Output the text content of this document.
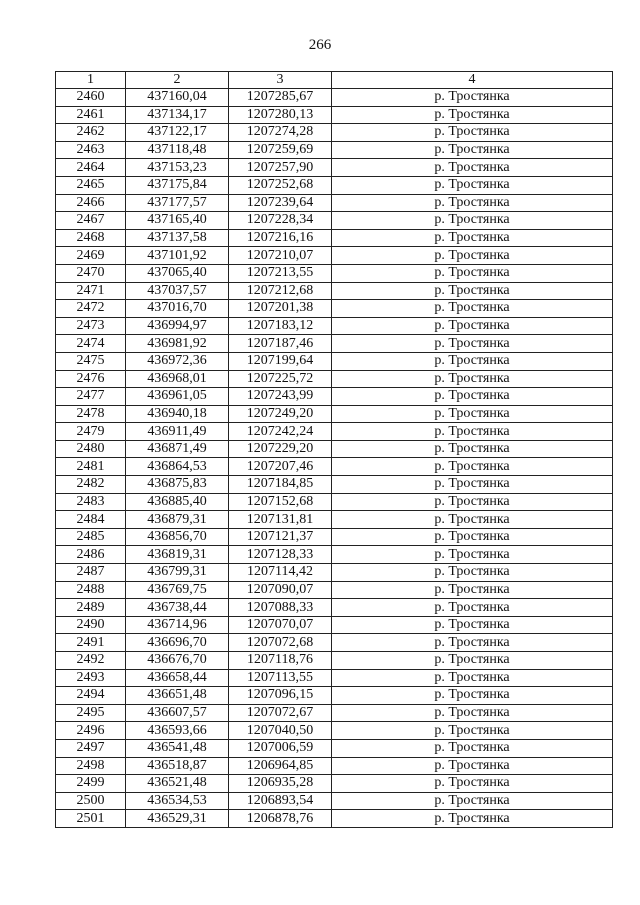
266
1	2	3	4
2460	437160,04	1207285,67	р. Тростянка
2461	437134,17	1207280,13	р. Тростянка
2462	437122,17	1207274,28	р. Тростянка
2463	437118,48	1207259,69	р. Тростянка
2464	437153,23	1207257,90	р. Тростянка
2465	437175,84	1207252,68	р. Тростянка
2466	437177,57	1207239,64	р. Тростянка
2467	437165,40	1207228,34	р. Тростянка
2468	437137,58	1207216,16	р. Тростянка
2469	437101,92	1207210,07	р. Тростянка
2470	437065,40	1207213,55	р. Тростянка
2471	437037,57	1207212,68	р. Тростянка
2472	437016,70	1207201,38	р. Тростянка
2473	436994,97	1207183,12	р. Тростянка
2474	436981,92	1207187,46	р. Тростянка
2475	436972,36	1207199,64	р. Тростянка
2476	436968,01	1207225,72	р. Тростянка
2477	436961,05	1207243,99	р. Тростянка
2478	436940,18	1207249,20	р. Тростянка
2479	436911,49	1207242,24	р. Тростянка
2480	436871,49	1207229,20	р. Тростянка
2481	436864,53	1207207,46	р. Тростянка
2482	436875,83	1207184,85	р. Тростянка
2483	436885,40	1207152,68	р. Тростянка
2484	436879,31	1207131,81	р. Тростянка
2485	436856,70	1207121,37	р. Тростянка
2486	436819,31	1207128,33	р. Тростянка
2487	436799,31	1207114,42	р. Тростянка
2488	436769,75	1207090,07	р. Тростянка
2489	436738,44	1207088,33	р. Тростянка
2490	436714,96	1207070,07	р. Тростянка
2491	436696,70	1207072,68	р. Тростянка
2492	436676,70	1207118,76	р. Тростянка
2493	436658,44	1207113,55	р. Тростянка
2494	436651,48	1207096,15	р. Тростянка
2495	436607,57	1207072,67	р. Тростянка
2496	436593,66	1207040,50	р. Тростянка
2497	436541,48	1207006,59	р. Тростянка
2498	436518,87	1206964,85	р. Тростянка
2499	436521,48	1206935,28	р. Тростянка
2500	436534,53	1206893,54	р. Тростянка
2501	436529,31	1206878,76	р. Тростянка
